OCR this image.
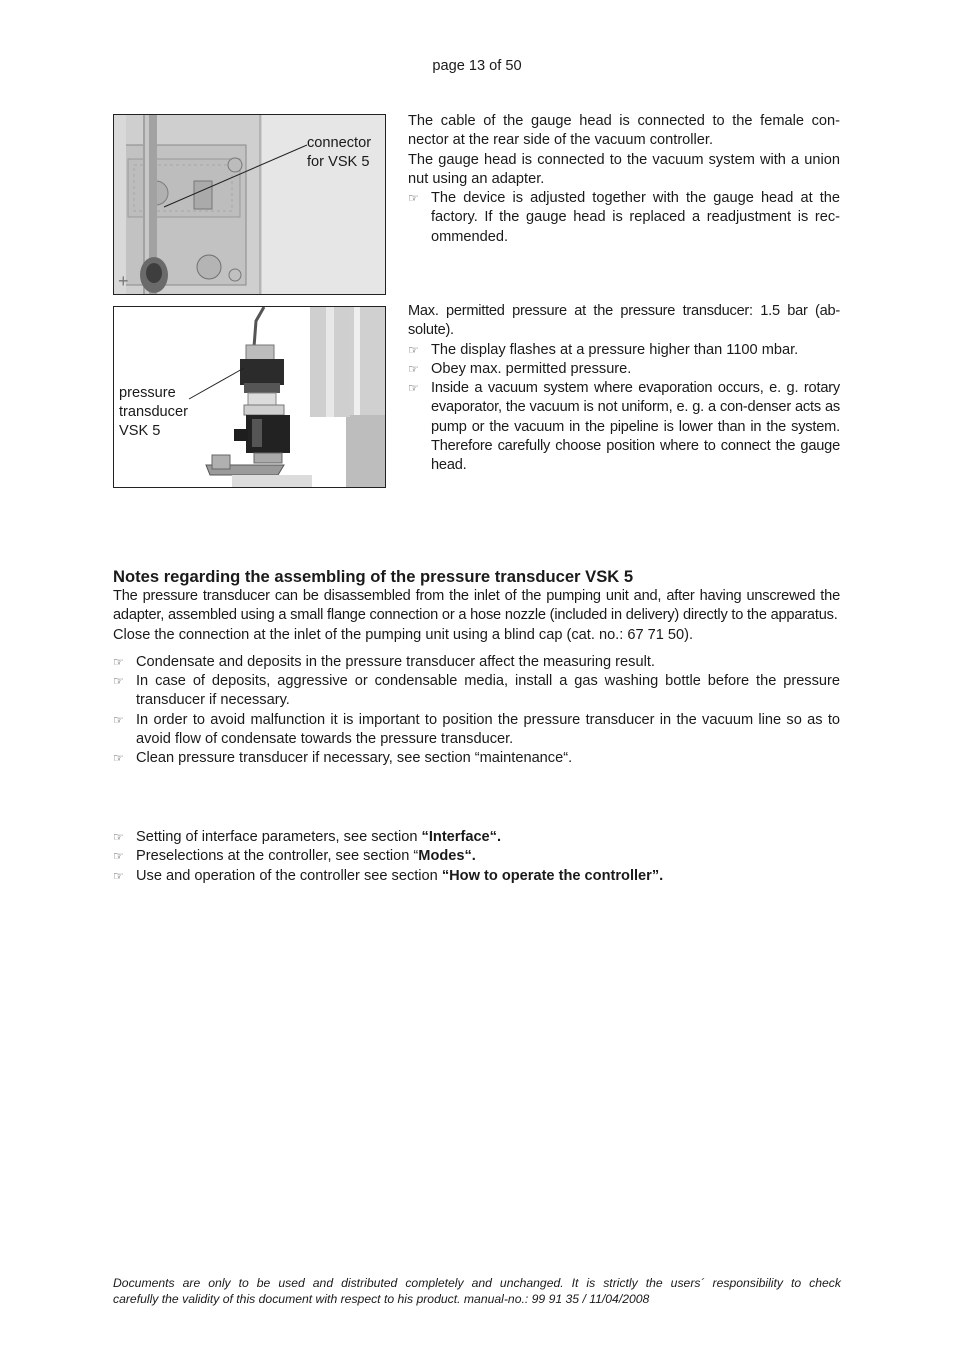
page 13 of 50
+
connector
for VSK 5

The cable of the gauge head is connected to the female con-nector at the rear side of the vacuum controller.

The gauge head is connected to the vacuum system with a union nut using an adapter.

☞ The device is adjusted together with the gauge head at the factory. If the gauge head is replaced a readjustment is rec-ommended.
pressure
transducer
VSK 5

Max. permitted pressure at the pressure transducer: 1.5 bar (ab-solute).

☞ The display flashes at a pressure higher than 1100 mbar.
☞ Obey max. permitted pressure.
☞ Inside a vacuum system where evaporation occurs, e. g. rotary evaporator, the vacuum is not uniform, e. g. a con-denser acts as pump or the vacuum in the pipeline is lower than in the system. Therefore carefully choose position where to connect the gauge head.
Notes regarding the assembling of the pressure transducer VSK 5

The pressure transducer can be disassembled from the inlet of the pumping unit and, after having unscrewed the adapter, assembled using a small flange connection or a hose nozzle (included in delivery) directly to the apparatus.

Close the connection at the inlet of the pumping unit using a blind cap (cat. no.: 67 71 50).

☞ Condensate and deposits in the pressure transducer affect the measuring result.
☞ In case of deposits, aggressive or condensable media, install a gas washing bottle before the pressure transducer if necessary.
☞ In order to avoid malfunction it is important to position the pressure transducer in the vacuum line so as to avoid flow of condensate towards the pressure transducer.
☞ Clean pressure transducer if necessary, see section “maintenance“.
☞ Setting of interface parameters, see section “Interface“.
☞ Preselections at the controller, see section “Modes“.
☞ Use and operation of the controller see section “How to operate the controller”.
Documents are only to be used and distributed completely and unchanged. It is strictly the users´ responsibility to check
carefully the validity of this document with respect to his product. manual-no.: 99 91 35 / 11/04/2008
